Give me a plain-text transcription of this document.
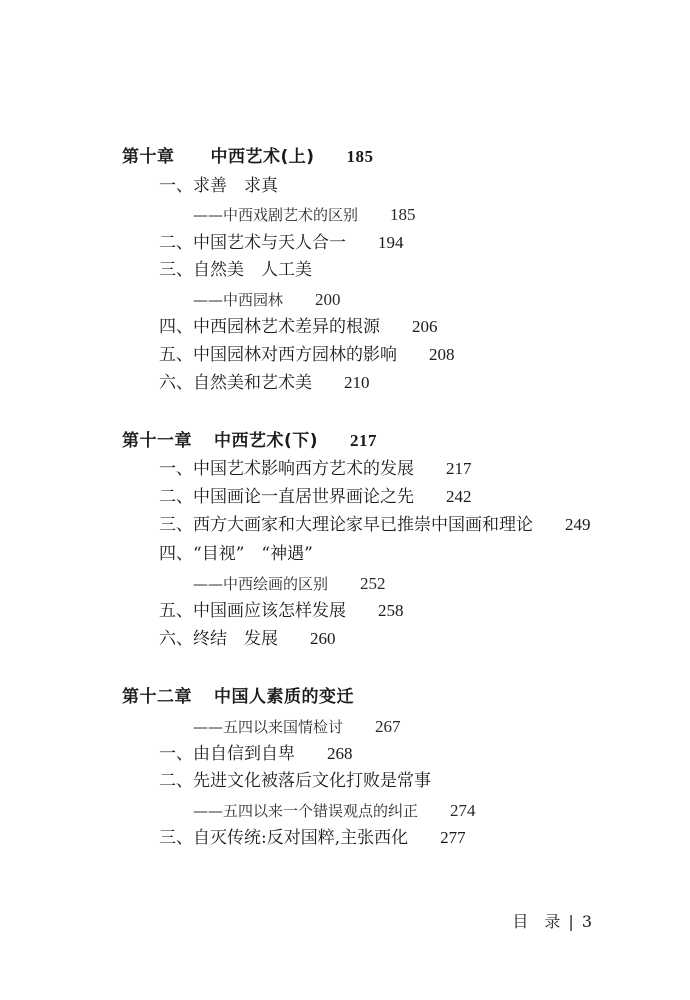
第十章 中西艺术(上) 185
一、求善　求真
——中西戏剧艺术的区别 185
二、中国艺术与天人合一 194
三、自然美　人工美
——中西园林 200
四、中西园林艺术差异的根源 206
五、中国园林对西方园林的影响 208
六、自然美和艺术美 210
第十一章 中西艺术(下) 217
一、中国艺术影响西方艺术的发展 217
二、中国画论一直居世界画论之先 242
三、西方大画家和大理论家早已推崇中国画和理论 249
四、“目视”　“神遇”
——中西绘画的区别 252
五、中国画应该怎样发展 258
六、终结　发展 260
第十二章 中国人素质的变迁
——五四以来国情检讨 267
一、由自信到自卑 268
二、先进文化被落后文化打败是常事
——五四以来一个错误观点的纠正 274
三、自灭传统:反对国粹,主张西化 277
目　录 | 3
